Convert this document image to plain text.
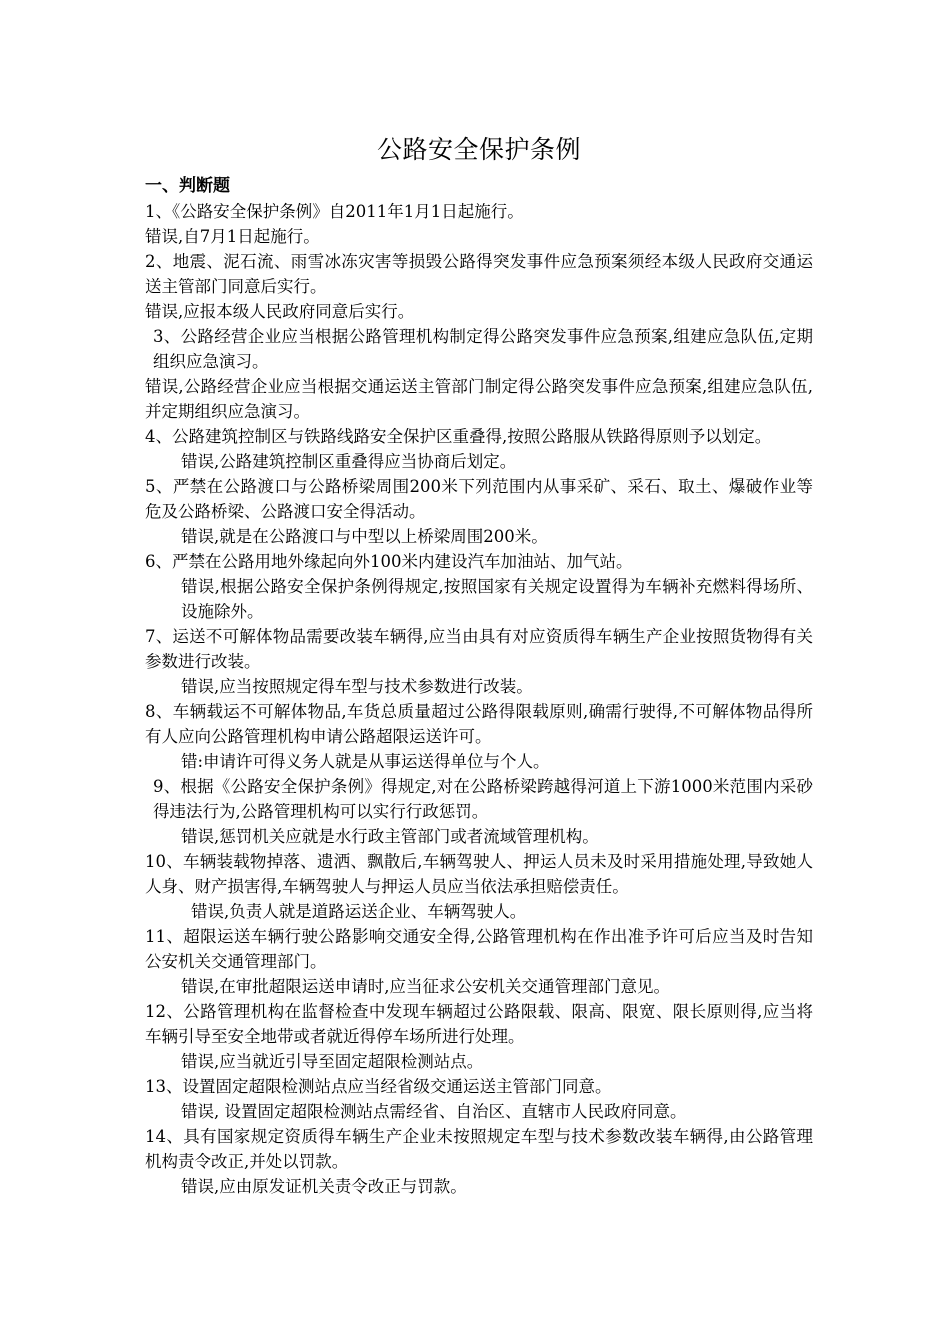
公路安全保护条例

一、判断题

1、《公路安全保护条例》自2011年1月1日起施行。

错误,自7月1日起施行。

2、地震、泥石流、雨雪冰冻灾害等损毁公路得突发事件应急预案须经本级人民政府交通运送主管部门同意后实行。

错误,应报本级人民政府同意后实行。

3、公路经营企业应当根据公路管理机构制定得公路突发事件应急预案,组建应急队伍,定期组织应急演习。

错误,公路经营企业应当根据交通运送主管部门制定得公路突发事件应急预案,组建应急队伍,并定期组织应急演习。

4、公路建筑控制区与铁路线路安全保护区重叠得,按照公路服从铁路得原则予以划定。

错误,公路建筑控制区重叠得应当协商后划定。

5、严禁在公路渡口与公路桥梁周围200米下列范围内从事采矿、采石、取土、爆破作业等危及公路桥梁、公路渡口安全得活动。

错误,就是在公路渡口与中型以上桥梁周围200米。

6、严禁在公路用地外缘起向外100米内建设汽车加油站、加气站。

错误,根据公路安全保护条例得规定,按照国家有关规定设置得为车辆补充燃料得场所、设施除外。

7、运送不可解体物品需要改装车辆得,应当由具有对应资质得车辆生产企业按照货物得有关参数进行改装。

错误,应当按照规定得车型与技术参数进行改装。

8、车辆载运不可解体物品,车货总质量超过公路得限载原则,确需行驶得,不可解体物品得所有人应向公路管理机构申请公路超限运送许可。

错:申请许可得义务人就是从事运送得单位与个人。

9、根据《公路安全保护条例》得规定,对在公路桥梁跨越得河道上下游1000米范围内采砂得违法行为,公路管理机构可以实行行政惩罚。

错误,惩罚机关应就是水行政主管部门或者流域管理机构。

10、车辆装载物掉落、遗洒、飘散后,车辆驾驶人、押运人员未及时采用措施处理,导致她人人身、财产损害得,车辆驾驶人与押运人员应当依法承担赔偿责任。

错误,负责人就是道路运送企业、车辆驾驶人。

11、超限运送车辆行驶公路影响交通安全得,公路管理机构在作出准予许可后应当及时告知公安机关交通管理部门。

错误,在审批超限运送申请时,应当征求公安机关交通管理部门意见。

12、公路管理机构在监督检查中发现车辆超过公路限载、限高、限宽、限长原则得,应当将车辆引导至安全地带或者就近得停车场所进行处理。

错误,应当就近引导至固定超限检测站点。

13、设置固定超限检测站点应当经省级交通运送主管部门同意。

错误, 设置固定超限检测站点需经省、自治区、直辖市人民政府同意。

14、具有国家规定资质得车辆生产企业未按照规定车型与技术参数改装车辆得,由公路管理机构责令改正,并处以罚款。

错误,应由原发证机关责令改正与罚款。
